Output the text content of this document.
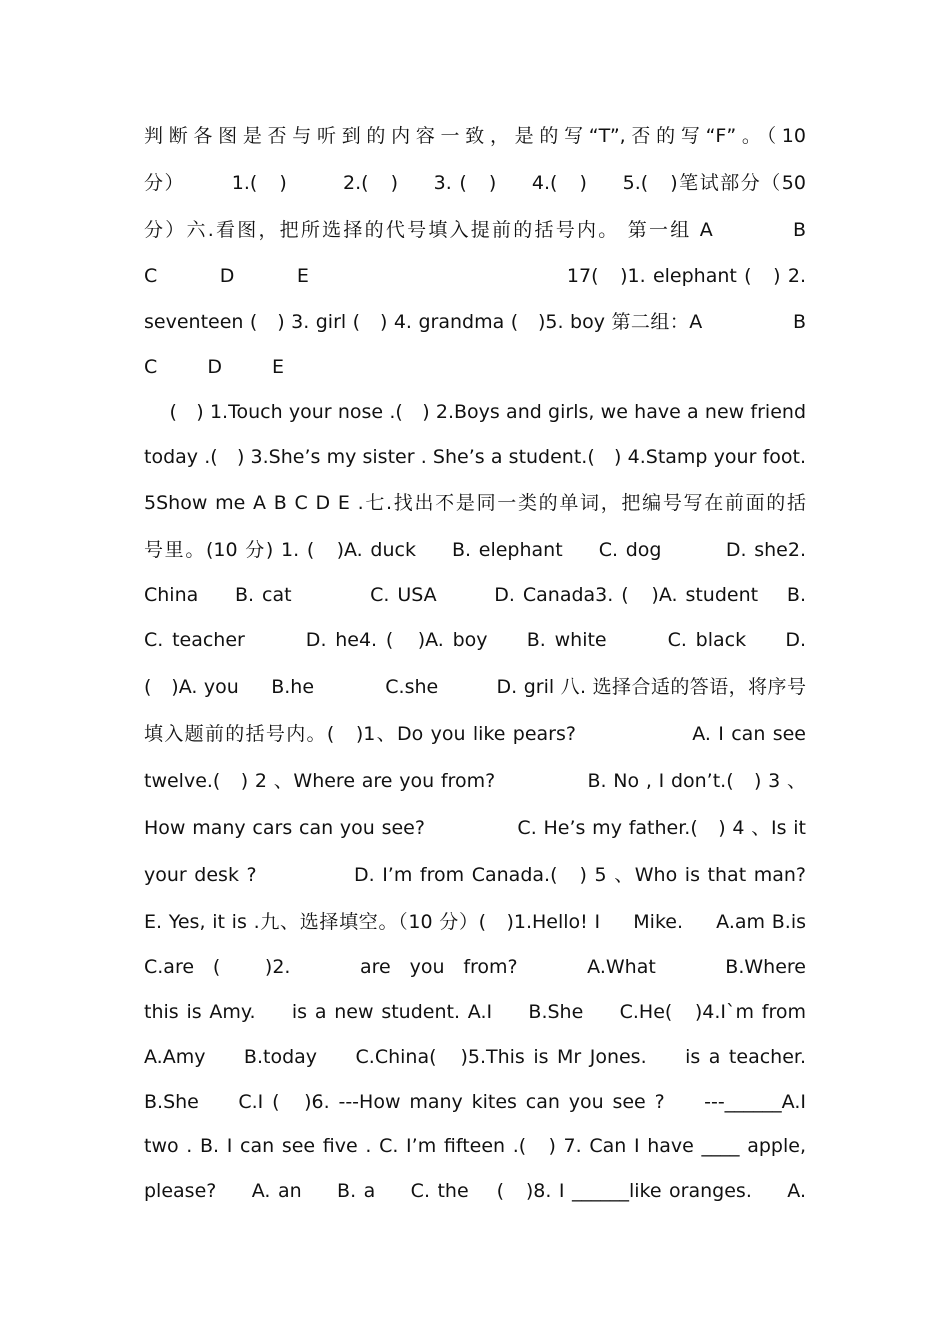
判断各图是否与听到的内容一致，是的写“T”,否的写“F”。（10
分）　 　 1.(　) 　 　2.(　) 　 3. (　) 　 4.(　) 　 5.(　)笔试部分（50
分）六.看图，把所选择的代号填入提前的括号内。 第一组 A 　　　 B
C 　 　 D 　 　 E 　　　　　　　　　　　　 17(　)1. elephant (　) 2.
seventeen (　) 3. girl (　) 4. grandma (　)5. boy 第二组：A 　　　　 B
C 　　 D 　　 E
　 (　) 1.Touch your nose .(　) 2.Boys and girls, we have a new friend
today .(　) 3.She’s my sister . She’s a student.(　) 4.Stamp your foot.　
5Show me A B C D E .七.找出不是同一类的单词，把编号写在前面的括
号里。(10 分) 1. (　)A. duck 　 B. elephant 　 C. dog 　 　 D. she2. 　
China 　 B. cat 　　　 C. USA 　　 D. Canada3. (　)A. student 　B.
C. teacher 　　 D. he4. (　)A. boy 　 B. white 　　 C. black 　 D.
(　)A. you 　 B.he 　　　 C.she 　 　 D. gril 八. 选择合适的答语，将序号
填入题前的括号内。(　)1、Do you like pears? 　　　　　 A. I can see
twelve.(　) 2 、Where are you from? 　　　　 B. No , I don’t.(　) 3 、
How many cars can you see? 　　　　 C. He’s my father.(　) 4 、Is it
your desk ? 　　　　 D. I’m from Canada.(　) 5 、Who is that man?
E. Yes, it is .九、选择填空。（10 分）(　)1.Hello! I 　 Mike. 　 A.am B.is
C.are (　)2. 　 are you from? 　 A.What 　 B.Where 　 　
this is Amy. 　 is a new student. A.I 　 B.She 　 C.He(　)4.I`m from 　
A.Amy 　 B.today 　 C.China(　)5.This is Mr Jones. 　 is a teacher.
B.She 　 C.I (　)6. ---How many kites can you see ? 　 ---______A.I
two . B. I can see five . C. I’m fifteen .(　) 7. Can I have ____ apple,
please? 　 A. an 　 B. a 　 C. the 　(　)8. I ______like oranges. 　 A.
